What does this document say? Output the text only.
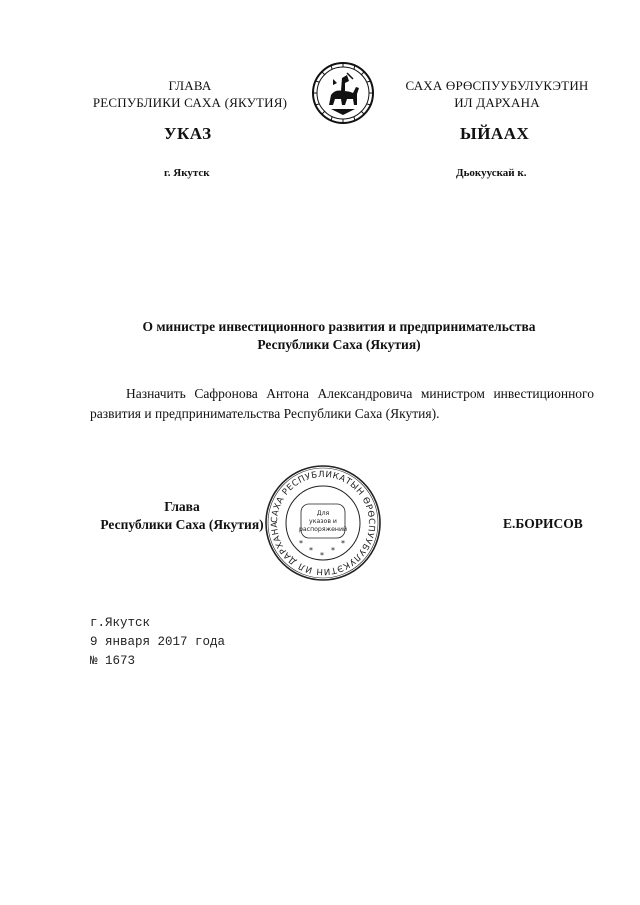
ГЛАВА
РЕСПУБЛИКИ САХА (ЯКУТИЯ)
САХА ӨРӨСПУУБУЛУКЭТИН
ИЛ ДАРХАНА
УКАЗ	ЫЙААХ
г. Якутск	Дьокуускай к.
О министре инвестиционного развития и предпринимательства
Республики Саха (Якутия)
Назначить Сафронова Антона Александровича министром инвестиционного развития и предпринимательства Республики Саха (Якутия).
Глава
Республики Саха (Якутия) САХА РЕСПУБЛИКАТЫН ӨРӨСПУУБУЛУКЭТИН ИЛ ДАРХАНА
Для
указов и
распоряжений
*
*
*
*	*
Е.БОРИСОВ
г.Якутск
9 января 2017 года
№ 1673
